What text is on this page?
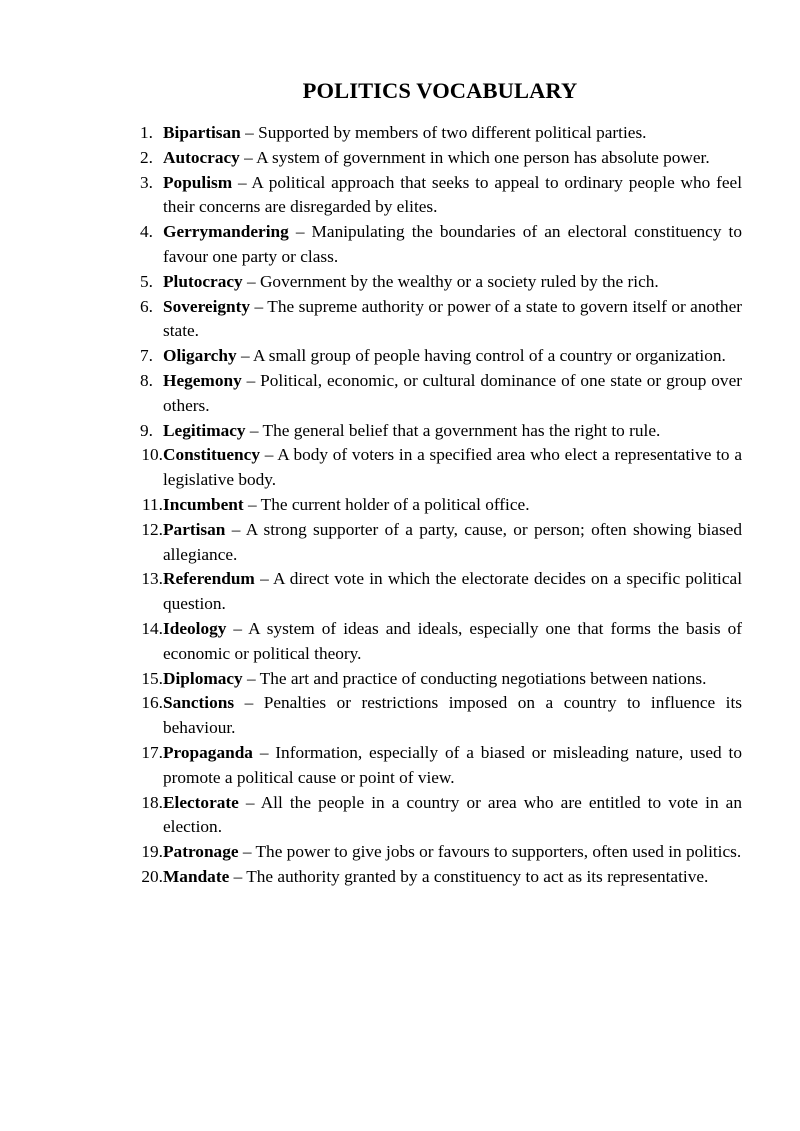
POLITICS VOCABULARY
1. Bipartisan – Supported by members of two different political parties.
2. Autocracy – A system of government in which one person has absolute power.
3. Populism – A political approach that seeks to appeal to ordinary people who feel their concerns are disregarded by elites.
4. Gerrymandering – Manipulating the boundaries of an electoral constituency to favour one party or class.
5. Plutocracy – Government by the wealthy or a society ruled by the rich.
6. Sovereignty – The supreme authority or power of a state to govern itself or another state.
7. Oligarchy – A small group of people having control of a country or organization.
8. Hegemony – Political, economic, or cultural dominance of one state or group over others.
9. Legitimacy – The general belief that a government has the right to rule.
10. Constituency – A body of voters in a specified area who elect a representative to a legislative body.
11. Incumbent – The current holder of a political office.
12. Partisan – A strong supporter of a party, cause, or person; often showing biased allegiance.
13. Referendum – A direct vote in which the electorate decides on a specific political question.
14. Ideology – A system of ideas and ideals, especially one that forms the basis of economic or political theory.
15. Diplomacy – The art and practice of conducting negotiations between nations.
16. Sanctions – Penalties or restrictions imposed on a country to influence its behaviour.
17. Propaganda – Information, especially of a biased or misleading nature, used to promote a political cause or point of view.
18. Electorate – All the people in a country or area who are entitled to vote in an election.
19. Patronage – The power to give jobs or favours to supporters, often used in politics.
20. Mandate – The authority granted by a constituency to act as its representative.
